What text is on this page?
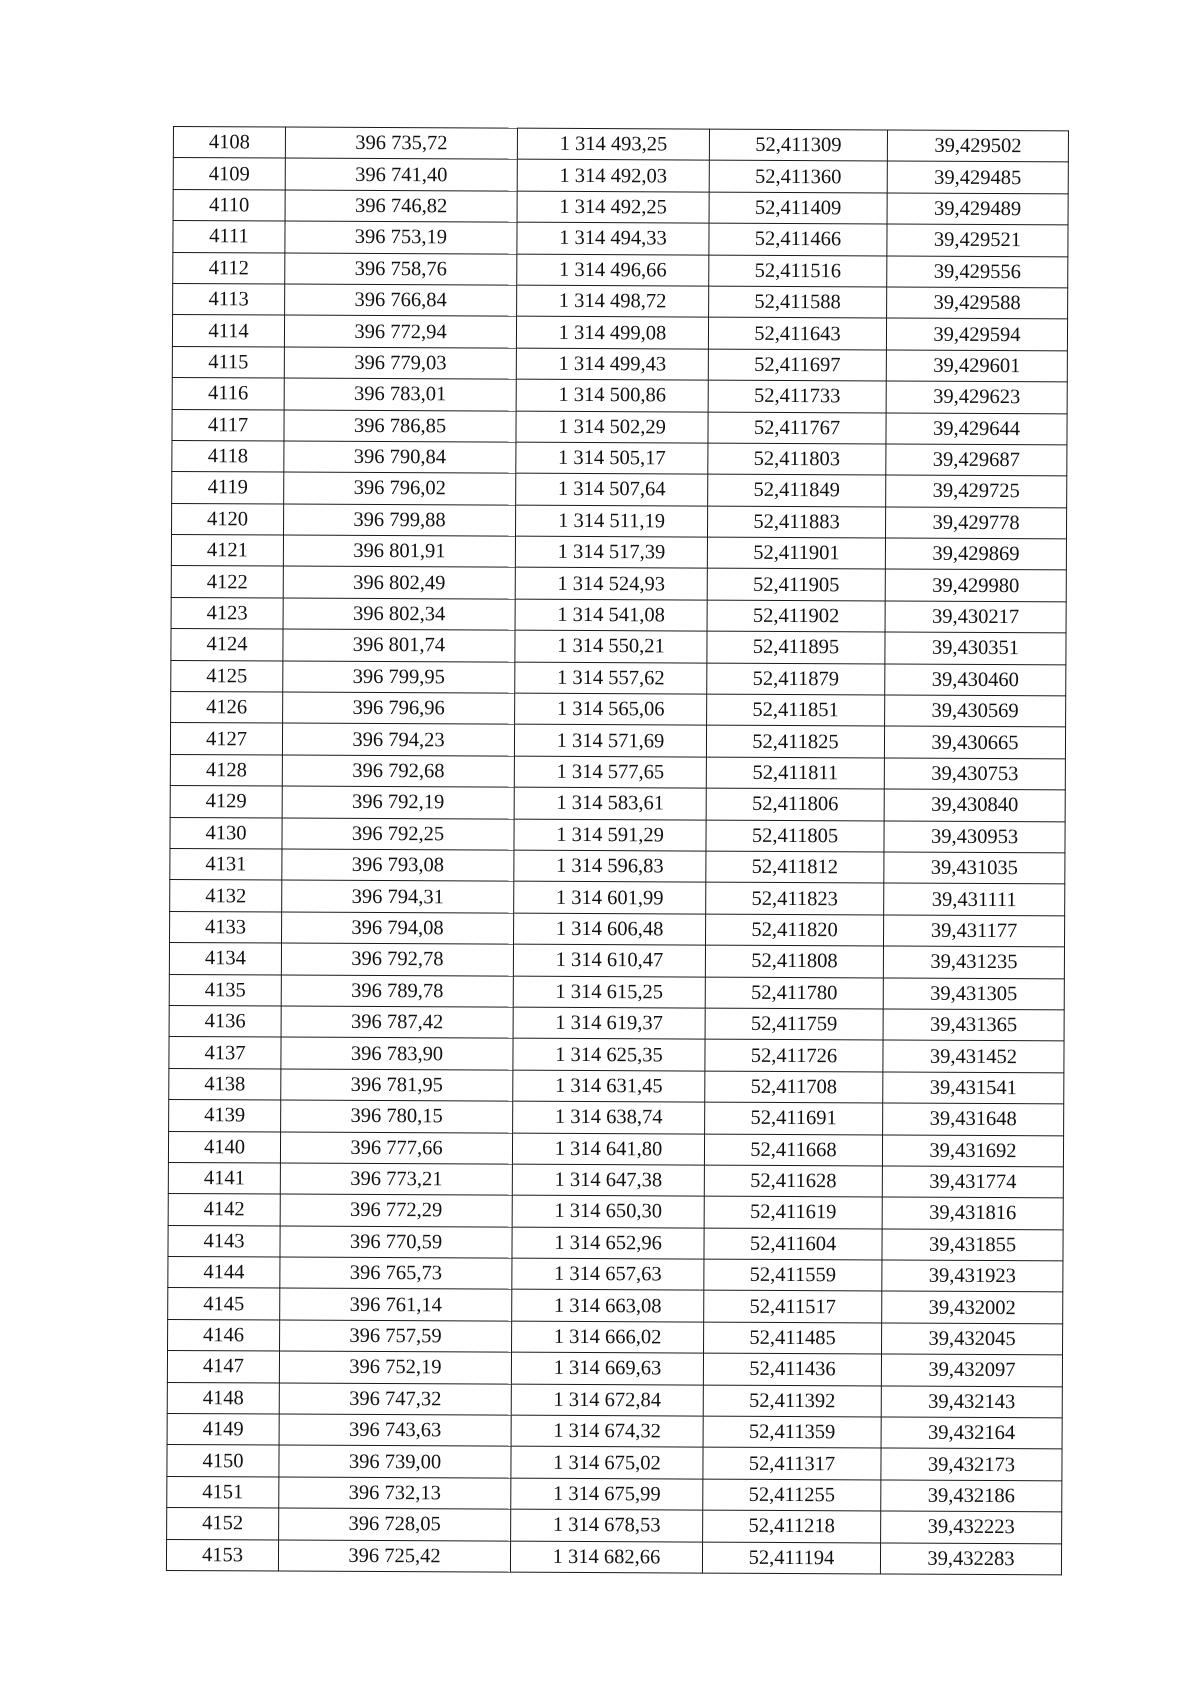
4108	396 735,72	1 314 493,25	52,411309	39,429502
4109	396 741,40	1 314 492,03	52,411360	39,429485
4110	396 746,82	1 314 492,25	52,411409	39,429489
4111	396 753,19	1 314 494,33	52,411466	39,429521
4112	396 758,76	1 314 496,66	52,411516	39,429556
4113	396 766,84	1 314 498,72	52,411588	39,429588
4114	396 772,94	1 314 499,08	52,411643	39,429594
4115	396 779,03	1 314 499,43	52,411697	39,429601
4116	396 783,01	1 314 500,86	52,411733	39,429623
4117	396 786,85	1 314 502,29	52,411767	39,429644
4118	396 790,84	1 314 505,17	52,411803	39,429687
4119	396 796,02	1 314 507,64	52,411849	39,429725
4120	396 799,88	1 314 511,19	52,411883	39,429778
4121	396 801,91	1 314 517,39	52,411901	39,429869
4122	396 802,49	1 314 524,93	52,411905	39,429980
4123	396 802,34	1 314 541,08	52,411902	39,430217
4124	396 801,74	1 314 550,21	52,411895	39,430351
4125	396 799,95	1 314 557,62	52,411879	39,430460
4126	396 796,96	1 314 565,06	52,411851	39,430569
4127	396 794,23	1 314 571,69	52,411825	39,430665
4128	396 792,68	1 314 577,65	52,411811	39,430753
4129	396 792,19	1 314 583,61	52,411806	39,430840
4130	396 792,25	1 314 591,29	52,411805	39,430953
4131	396 793,08	1 314 596,83	52,411812	39,431035
4132	396 794,31	1 314 601,99	52,411823	39,431111
4133	396 794,08	1 314 606,48	52,411820	39,431177
4134	396 792,78	1 314 610,47	52,411808	39,431235
4135	396 789,78	1 314 615,25	52,411780	39,431305
4136	396 787,42	1 314 619,37	52,411759	39,431365
4137	396 783,90	1 314 625,35	52,411726	39,431452
4138	396 781,95	1 314 631,45	52,411708	39,431541
4139	396 780,15	1 314 638,74	52,411691	39,431648
4140	396 777,66	1 314 641,80	52,411668	39,431692
4141	396 773,21	1 314 647,38	52,411628	39,431774
4142	396 772,29	1 314 650,30	52,411619	39,431816
4143	396 770,59	1 314 652,96	52,411604	39,431855
4144	396 765,73	1 314 657,63	52,411559	39,431923
4145	396 761,14	1 314 663,08	52,411517	39,432002
4146	396 757,59	1 314 666,02	52,411485	39,432045
4147	396 752,19	1 314 669,63	52,411436	39,432097
4148	396 747,32	1 314 672,84	52,411392	39,432143
4149	396 743,63	1 314 674,32	52,411359	39,432164
4150	396 739,00	1 314 675,02	52,411317	39,432173
4151	396 732,13	1 314 675,99	52,411255	39,432186
4152	396 728,05	1 314 678,53	52,411218	39,432223
4153	396 725,42	1 314 682,66	52,411194	39,432283
